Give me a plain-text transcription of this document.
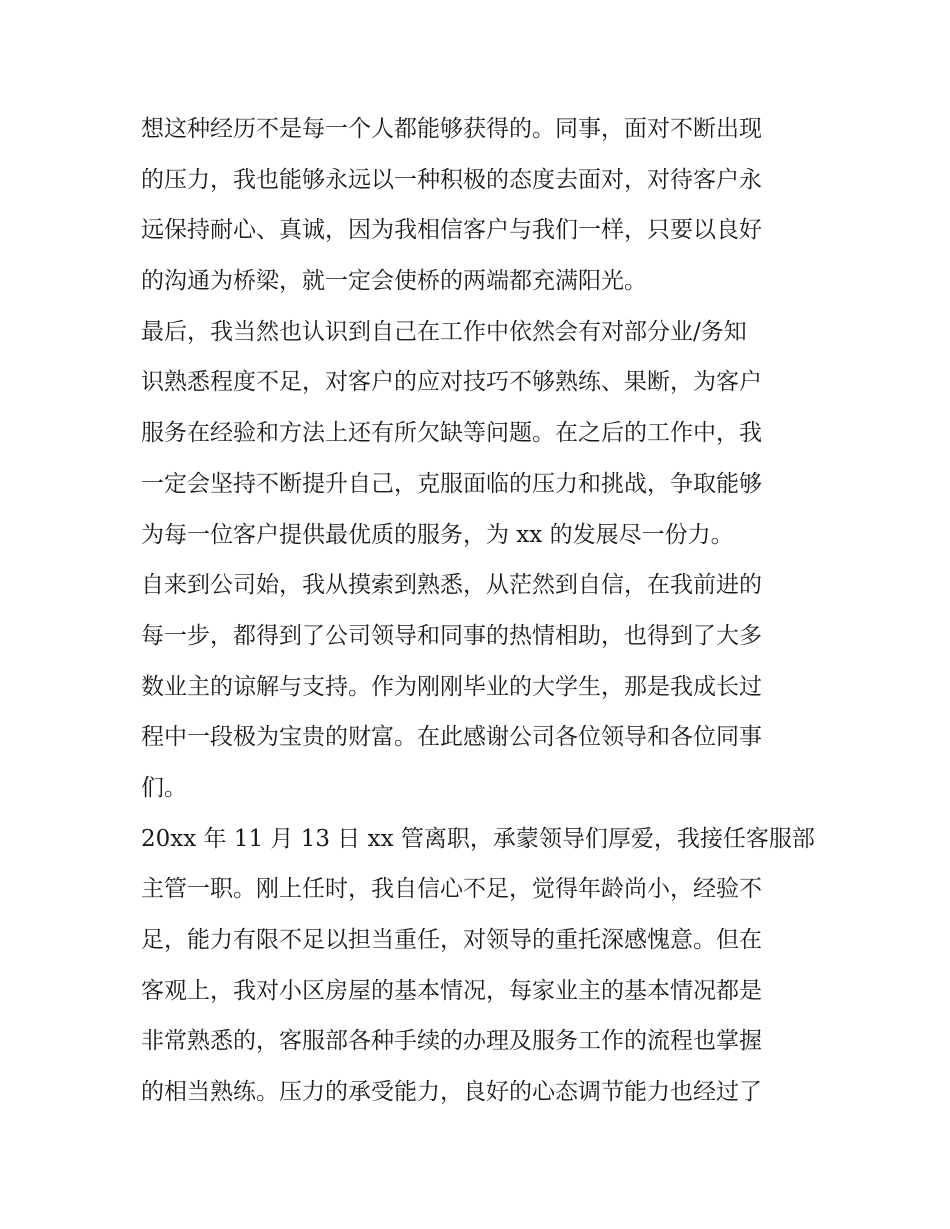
想这种经历不是每一个人都能够获得的。同事，面对不断出现
的压力，我也能够永远以一种积极的态度去面对，对待客户永
远保持耐心、真诚，因为我相信客户与我们一样，只要以良好
的沟通为桥梁，就一定会使桥的两端都充满阳光。
最后，我当然也认识到自己在工作中依然会有对部分业/务知
识熟悉程度不足，对客户的应对技巧不够熟练、果断，为客户
服务在经验和方法上还有所欠缺等问题。在之后的工作中，我
一定会坚持不断提升自己，克服面临的压力和挑战，争取能够
为每一位客户提供最优质的服务，为 xx 的发展尽一份力。
自来到公司始，我从摸索到熟悉，从茫然到自信，在我前进的
每一步，都得到了公司领导和同事的热情相助，也得到了大多
数业主的谅解与支持。作为刚刚毕业的大学生，那是我成长过
程中一段极为宝贵的财富。在此感谢公司各位领导和各位同事
们。
20xx 年 11 月 13 日 xx 管离职，承蒙领导们厚爱，我接任客服部
主管一职。刚上任时，我自信心不足，觉得年龄尚小，经验不
足，能力有限不足以担当重任，对领导的重托深感愧意。但在
客观上，我对小区房屋的基本情况，每家业主的基本情况都是
非常熟悉的，客服部各种手续的办理及服务工作的流程也掌握
的相当熟练。压力的承受能力，良好的心态调节能力也经过了
